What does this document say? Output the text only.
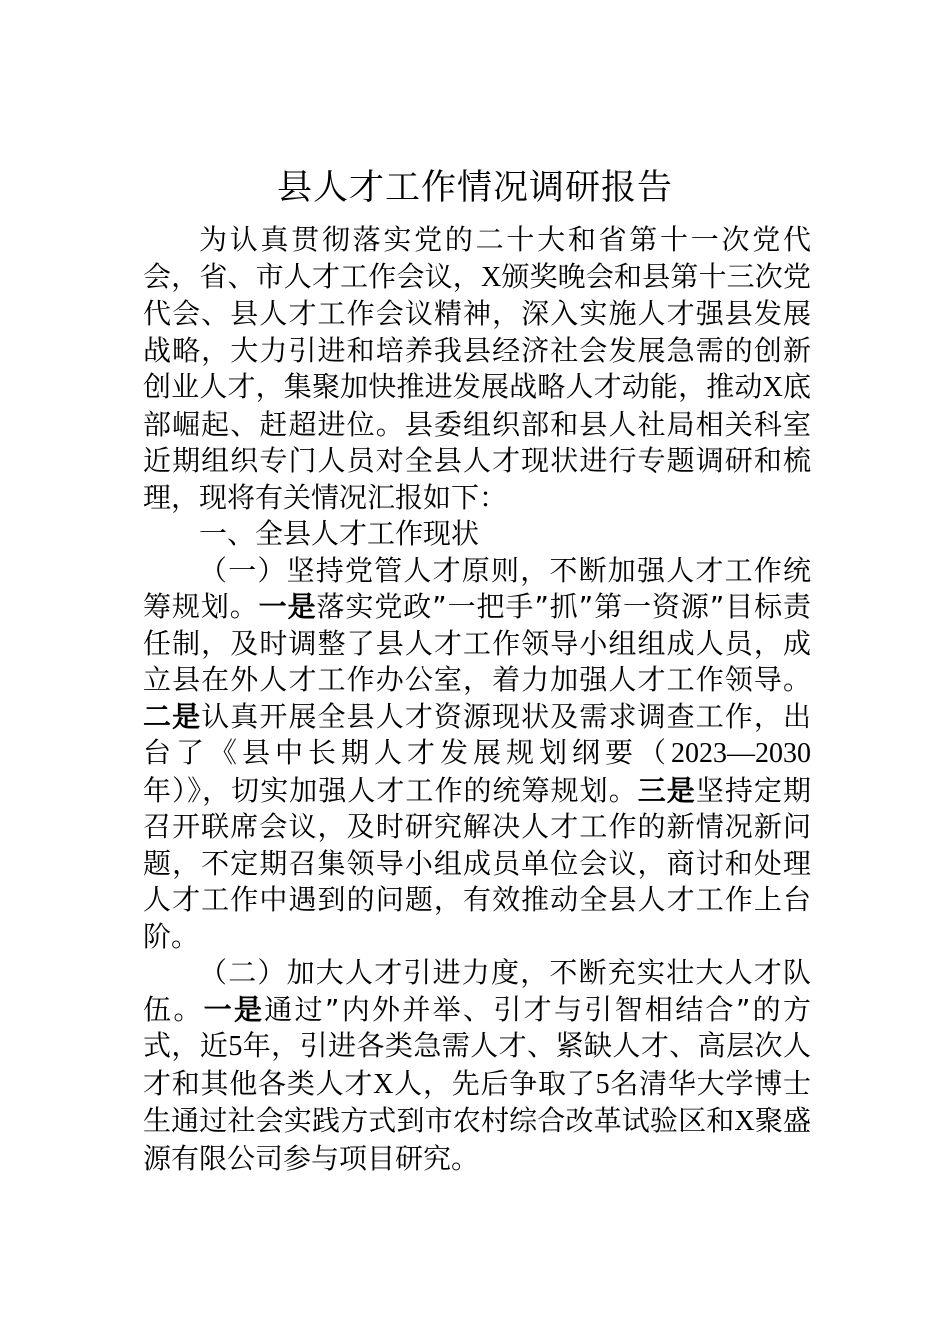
县人才工作情况调研报告

为认真贯彻落实党的二十大和省第十一次党代会，省、市人才工作会议，X颁奖晚会和县第十三次党代会、县人才工作会议精神，深入实施人才强县发展战略，大力引进和培养我县经济社会发展急需的创新创业人才，集聚加快推进发展战略人才动能，推动X底部崛起、赶超进位。县委组织部和县人社局相关科室近期组织专门人员对全县人才现状进行专题调研和梳理，现将有关情况汇报如下：

一、全县人才工作现状

（一）坚持党管人才原则，不断加强人才工作统筹规划。一是落实党政”一把手”抓”第一资源”目标责任制，及时调整了县人才工作领导小组组成人员，成立县在外人才工作办公室，着力加强人才工作领导。二是认真开展全县人才资源现状及需求调查工作，出台了《县中长期人才发展规划纲要（2023—2030年）》，切实加强人才工作的统筹规划。三是坚持定期召开联席会议，及时研究解决人才工作的新情况新问题，不定期召集领导小组成员单位会议，商讨和处理人才工作中遇到的问题，有效推动全县人才工作上台阶。

（二）加大人才引进力度，不断充实壮大人才队伍。一是通过”内外并举、引才与引智相结合”的方式，近5年，引进各类急需人才、紧缺人才、高层次人才和其他各类人才X人，先后争取了5名清华大学博士生通过社会实践方式到市农村综合改革试验区和X聚盛源有限公司参与项目研究。
